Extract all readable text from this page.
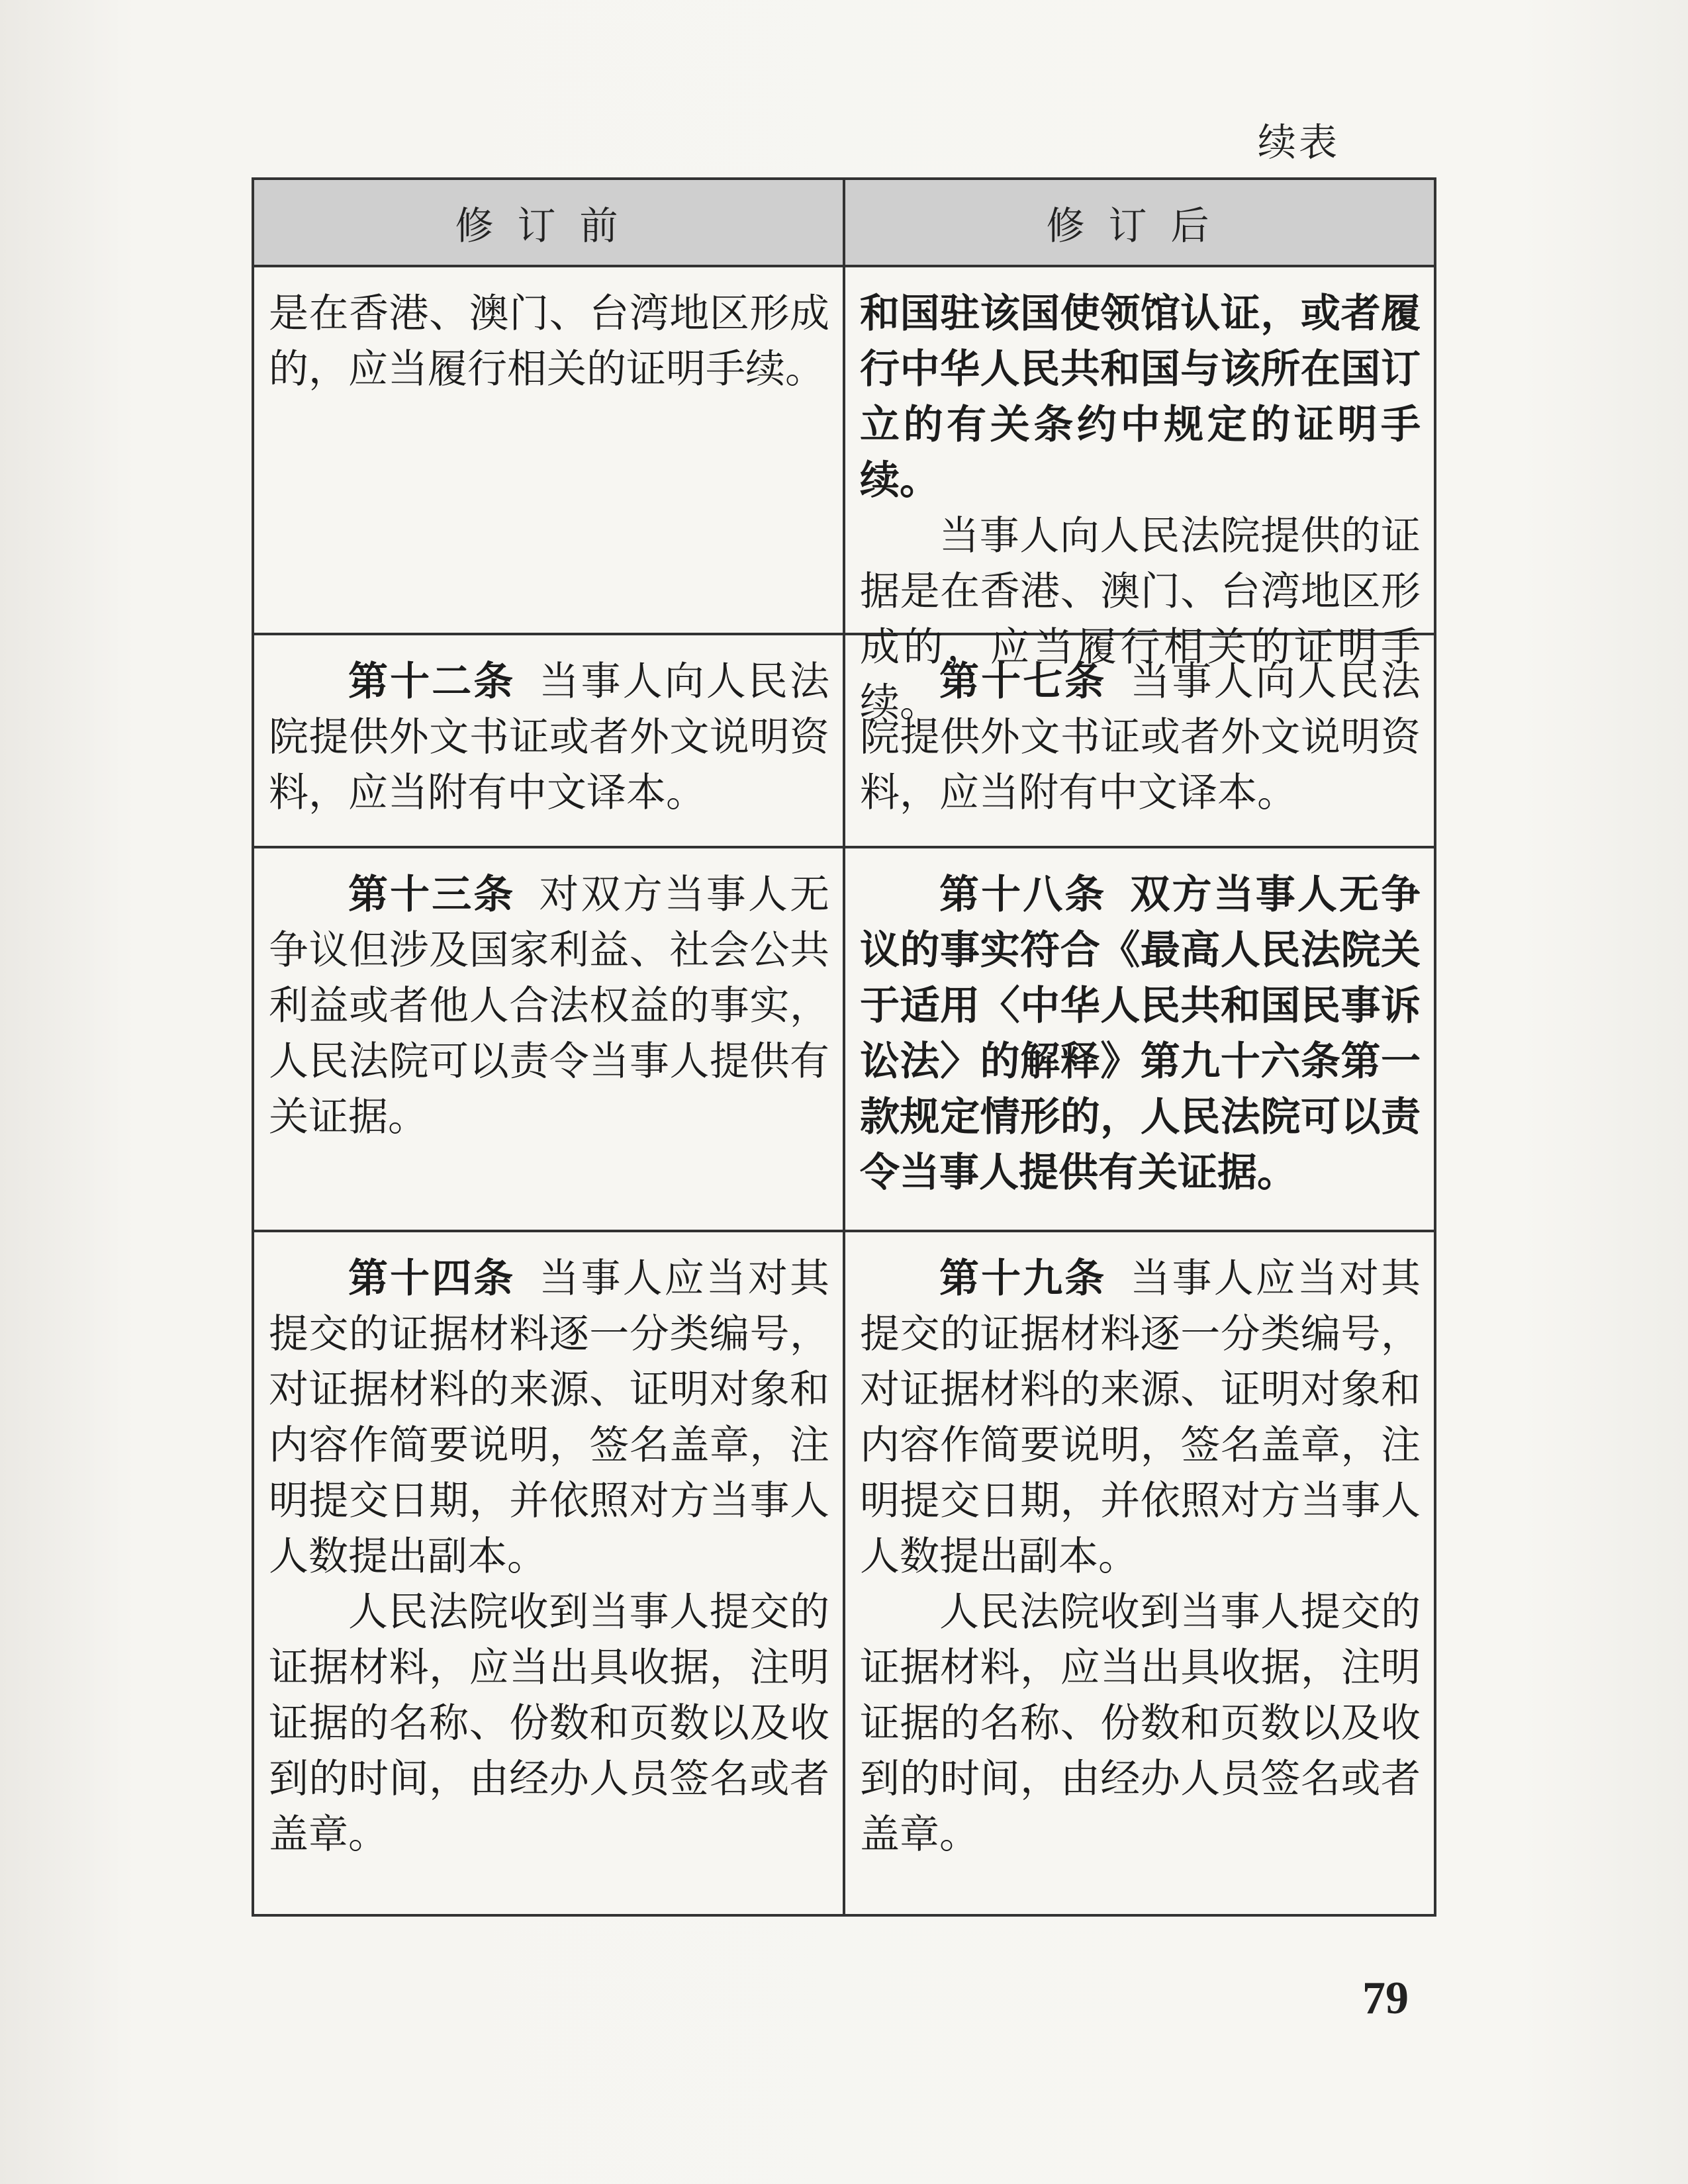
续表
修订前	修订后

是在香港、澳门、台湾地区形成的，应当履行相关的证明手续。

和国驻该国使领馆认证，或者履行中华人民共和国与该所在国订立的有关条约中规定的证明手续。

当事人向人民法院提供的证据是在香港、澳门、台湾地区形成的，应当履行相关的证明手续。

第十二条 当事人向人民法院提供外文书证或者外文说明资料，应当附有中文译本。

第十七条 当事人向人民法院提供外文书证或者外文说明资料，应当附有中文译本。

第十三条 对双方当事人无争议但涉及国家利益、社会公共利益或者他人合法权益的事实，人民法院可以责令当事人提供有关证据。

第十八条 双方当事人无争议的事实符合《最高人民法院关于适用〈中华人民共和国民事诉讼法〉的解释》第九十六条第一款规定情形的，人民法院可以责令当事人提供有关证据。

第十四条 当事人应当对其提交的证据材料逐一分类编号，对证据材料的来源、证明对象和内容作简要说明，签名盖章，注明提交日期，并依照对方当事人人数提出副本。

人民法院收到当事人提交的证据材料，应当出具收据，注明证据的名称、份数和页数以及收到的时间，由经办人员签名或者盖章。

第十九条 当事人应当对其提交的证据材料逐一分类编号，对证据材料的来源、证明对象和内容作简要说明，签名盖章，注明提交日期，并依照对方当事人人数提出副本。

人民法院收到当事人提交的证据材料，应当出具收据，注明证据的名称、份数和页数以及收到的时间，由经办人员签名或者盖章。

79
